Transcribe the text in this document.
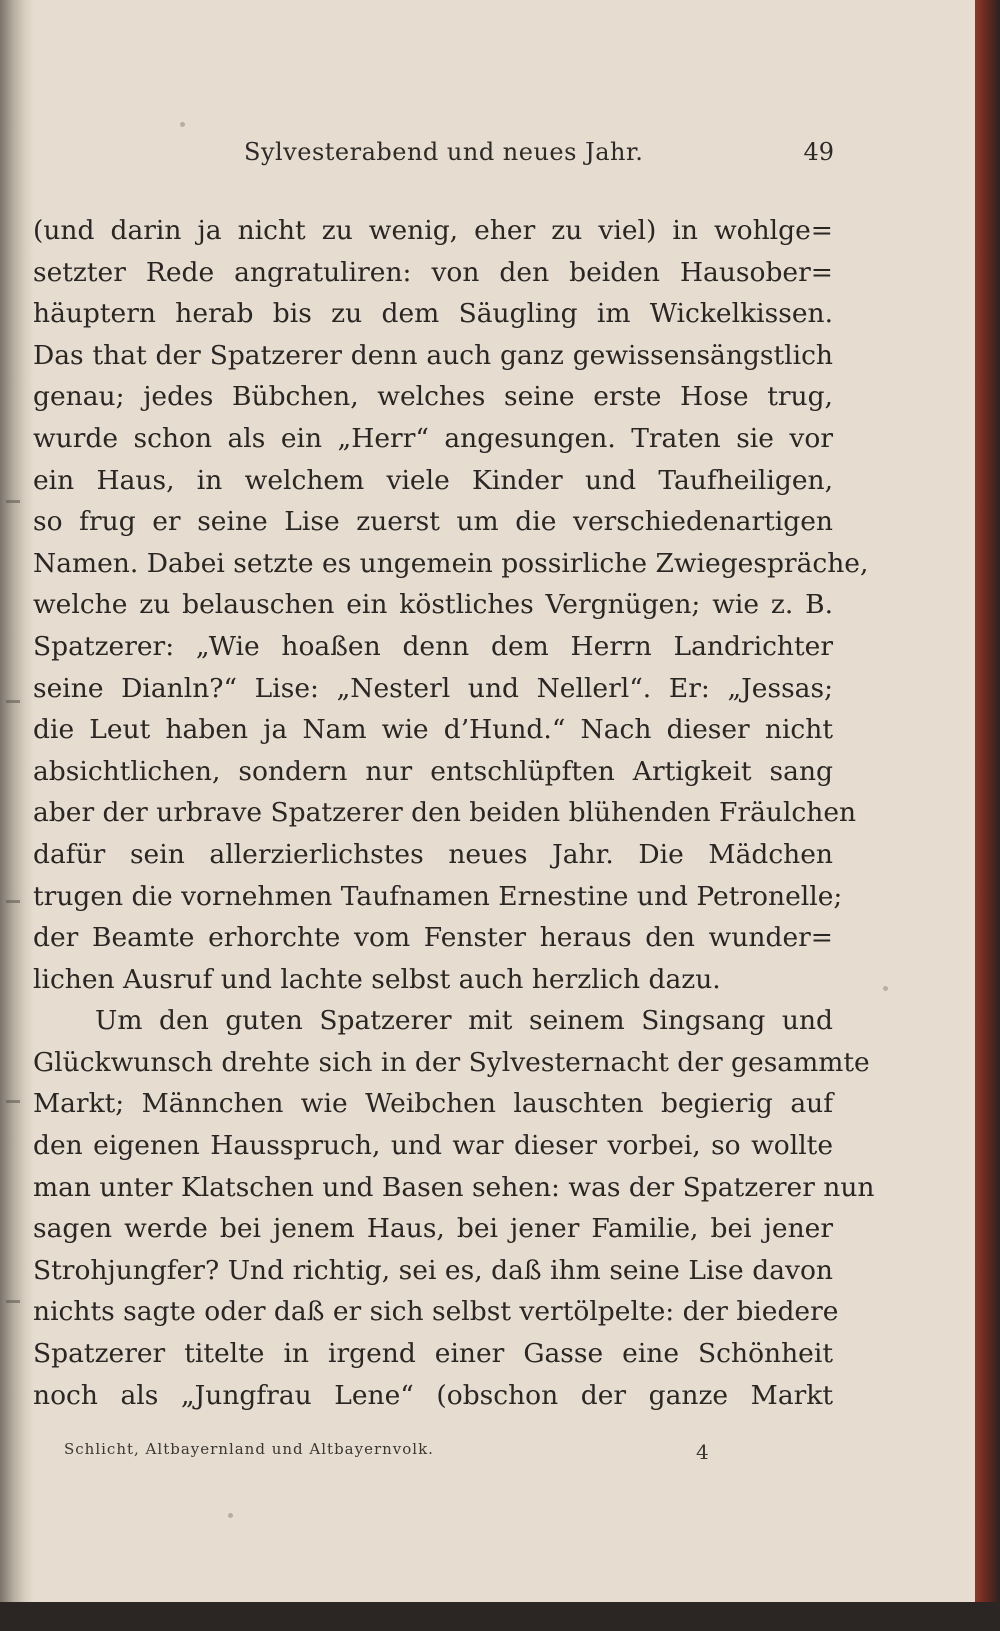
Sylvesterabend und neues Jahr.	49
(und darin ja nicht zu wenig, eher zu viel) in wohlge=
setzter Rede angratuliren: von den beiden Hausober=
häuptern herab bis zu dem Säugling im Wickelkissen.
Das that der Spatzerer denn auch ganz gewissensängstlich
genau; jedes Bübchen, welches seine erste Hose trug,
wurde schon als ein „Herr“ angesungen. Traten sie vor
ein Haus, in welchem viele Kinder und Taufheiligen,
so frug er seine Lise zuerst um die verschiedenartigen
Namen. Dabei setzte es ungemein possirliche Zwiegespräche,
welche zu belauschen ein köstliches Vergnügen; wie z. B.
Spatzerer: „Wie hoaßen denn dem Herrn Landrichter
seine Dianln?“ Lise: „Nesterl und Nellerl“. Er: „Jessas;
die Leut haben ja Nam wie d’Hund.“ Nach dieser nicht
absichtlichen, sondern nur entschlüpften Artigkeit sang
aber der urbrave Spatzerer den beiden blühenden Fräulchen
dafür sein allerzierlichstes neues Jahr. Die Mädchen
trugen die vornehmen Taufnamen Ernestine und Petronelle;
der Beamte erhorchte vom Fenster heraus den wunder=
lichen Ausruf und lachte selbst auch herzlich dazu.
Um den guten Spatzerer mit seinem Singsang und
Glückwunsch drehte sich in der Sylvesternacht der gesammte
Markt; Männchen wie Weibchen lauschten begierig auf
den eigenen Hausspruch, und war dieser vorbei, so wollte
man unter Klatschen und Basen sehen: was der Spatzerer nun
sagen werde bei jenem Haus, bei jener Familie, bei jener
Strohjungfer? Und richtig, sei es, daß ihm seine Lise davon
nichts sagte oder daß er sich selbst vertölpelte: der biedere
Spatzerer titelte in irgend einer Gasse eine Schönheit
noch als „Jungfrau Lene“ (obschon der ganze Markt
Schlicht, Altbayernland und Altbayernvolk.	4
